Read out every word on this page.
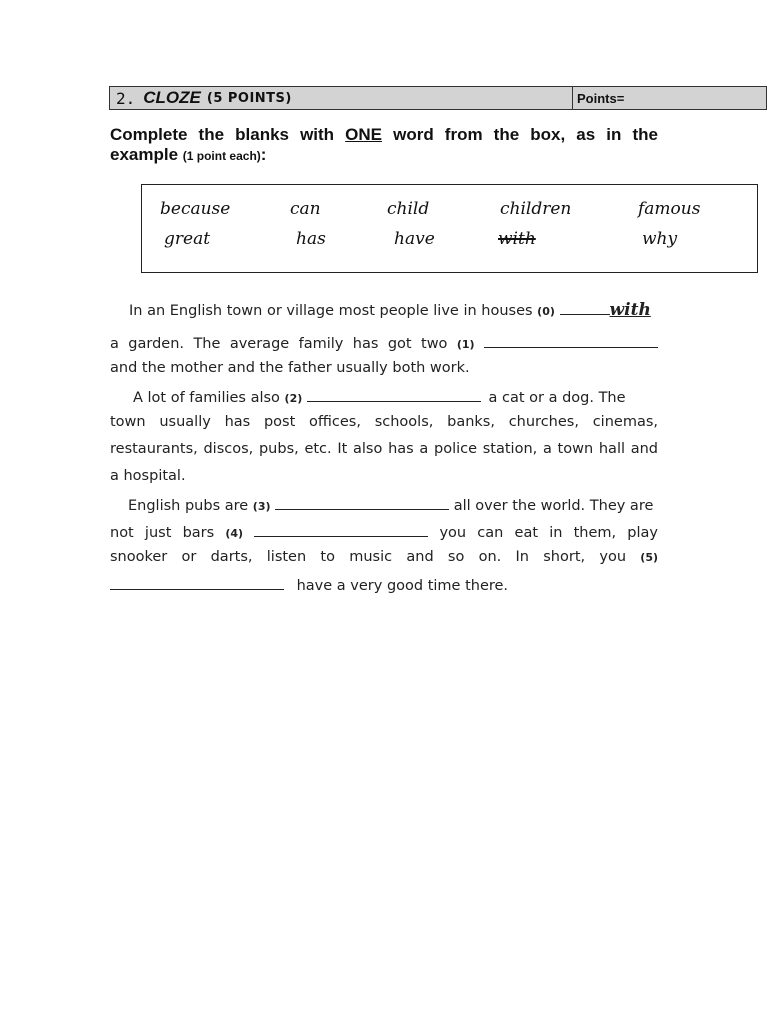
2. CLOZE (5 POINTS)	Points=
Complete the blanks with ONE word from the box, as in the example (1 point each):
because	can	child	children	famous
great	has	have	with	why
In an English town or village most people live in houses (0)	with
a garden. The average family has got two (1)
and the mother and the father usually both work.
A lot of families also (2)	a cat or a dog. The
town usually has post offices, schools, banks, churches, cinemas,
restaurants, discos, pubs, etc. It also has a police station, a town hall and
a hospital.
English pubs are (3)	all over the world. They are
not just bars (4)	you can eat in them, play
snooker or darts, listen to music and so on. In short, you (5)
have a very good time there.
